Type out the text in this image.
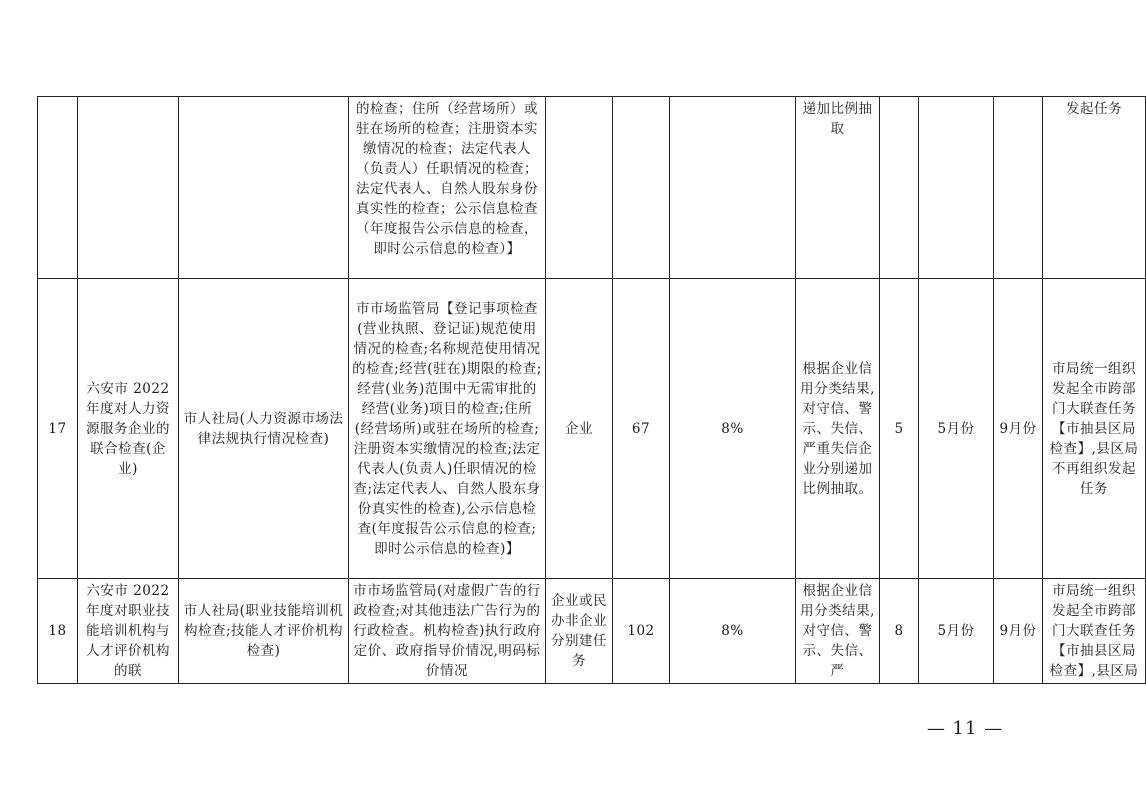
			的检查；住所（经营场所）或驻在场所的检查；注册资本实缴情况的检查；法定代表人（负责人）任职情况的检查；法定代表人、自然人股东身份真实性的检查；公示信息检查（年度报告公示信息的检查，即时公示信息的检查）】				递加比例抽取				发起任务
17	六安市 2022年度对人力资源服务企业的联合检查(企业)	市人社局(人力资源市场法律法规执行情况检查)	市市场监管局【登记事项检查(营业执照、登记证)规范使用情况的检查;名称规范使用情况的检查;经营(驻在)期限的检查;经营(业务)范围中无需审批的经营(业务)项目的检查;住所(经营场所)或驻在场所的检查;注册资本实缴情况的检查;法定代表人(负责人)任职情况的检查;法定代表人、自然人股东身份真实性的检查),公示信息检查(年度报告公示信息的检查;即时公示信息的检查)】	企业	67	8%	根据企业信用分类结果,对守信、警示、失信、严重失信企业分别递加比例抽取。	5	5月份	9月份	市局统一组织发起全市跨部门大联查任务【市抽县区局检查】,县区局不再组织发起任务
18	六安市 2022年度对职业技能培训机构与人才评价机构的联	市人社局(职业技能培训机构检查;技能人才评价机构检查)	市市场监管局(对虚假广告的行政检查;对其他违法广告行为的行政检查。机构检查)执行政府定价、政府指导价情况,明码标价情况	企业或民办非企业分别建任务	102	8%	根据企业信用分类结果,对守信、警示、失信、严	8	5月份	9月份	市局统一组织发起全市跨部门大联查任务【市抽县区局检查】,县区局
— 11 —
